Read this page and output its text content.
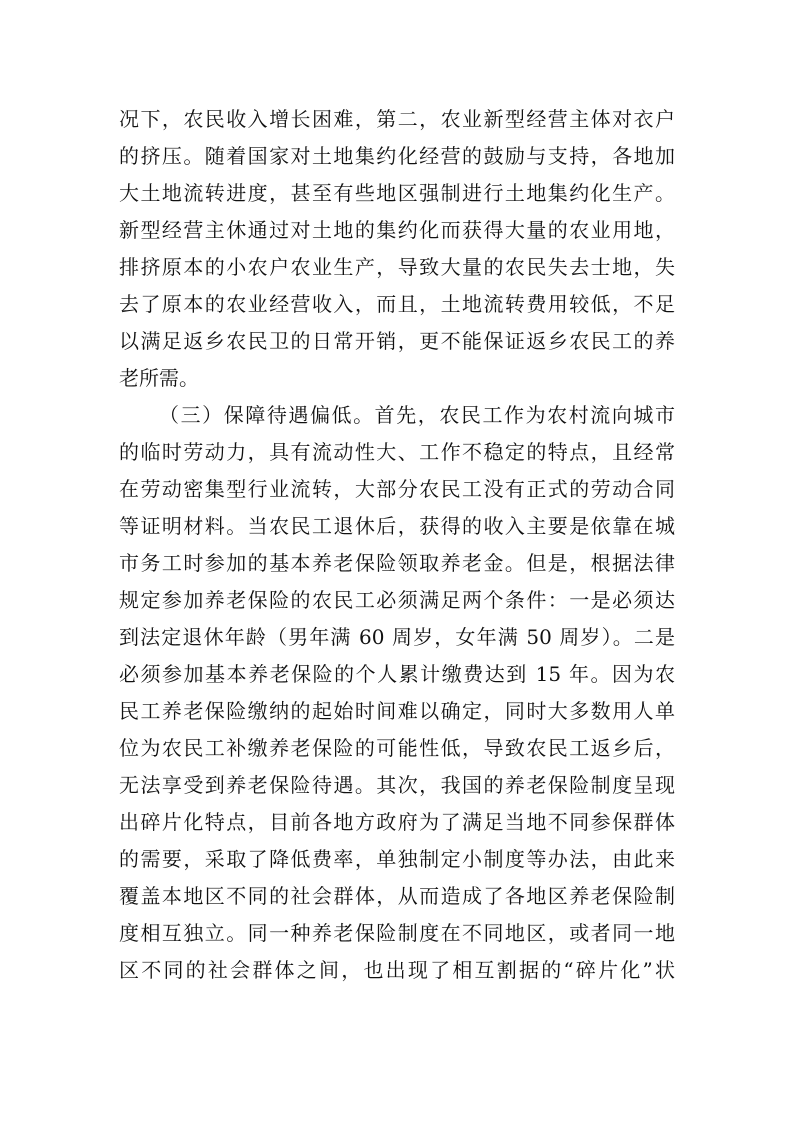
况下，农民收入增长困难，第二，农业新型经营主体对衣户
的挤压。随着国家对土地集约化经营的鼓励与支持，各地加
大土地流转进度，甚至有些地区强制进行土地集约化生产。
新型经营主休通过对土地的集约化而获得大量的农业用地，
排挤原本的小农户农业生产，导致大量的农民失去士地，失
去了原本的农业经营收入，而且，土地流转费用较低，不足
以满足返乡农民卫的日常开销，更不能保证返乡农民工的养
老所需。
（三）保障待遇偏低。首先，农民工作为农村流向城市
的临时劳动力，具有流动性大、工作不稳定的特点，且经常
在劳动密集型行业流转，大部分农民工没有正式的劳动合同
等证明材料。当农民工退休后，获得的收入主要是依靠在城
市务工时参加的基本养老保险领取养老金。但是，根据法律
规定参加养老保险的农民工必须满足两个条件：一是必须达
到法定退休年龄（男年满 60 周岁，女年满 50 周岁）。二是
必须参加基本养老保险的个人累计缴费达到 15 年。因为农
民工养老保险缴纳的起始时间难以确定，同时大多数用人单
位为农民工补缴养老保险的可能性低，导致农民工返乡后，
无法享受到养老保险待遇。其次，我国的养老保险制度呈现
出碎片化特点，目前各地方政府为了满足当地不同参保群体
的需要，采取了降低费率，单独制定小制度等办法，由此来
覆盖本地区不同的社会群体，从而造成了各地区养老保险制
度相互独立。同一种养老保险制度在不同地区，或者同一地
区不同的社会群体之间，也出现了相互割据的“碎片化”状
